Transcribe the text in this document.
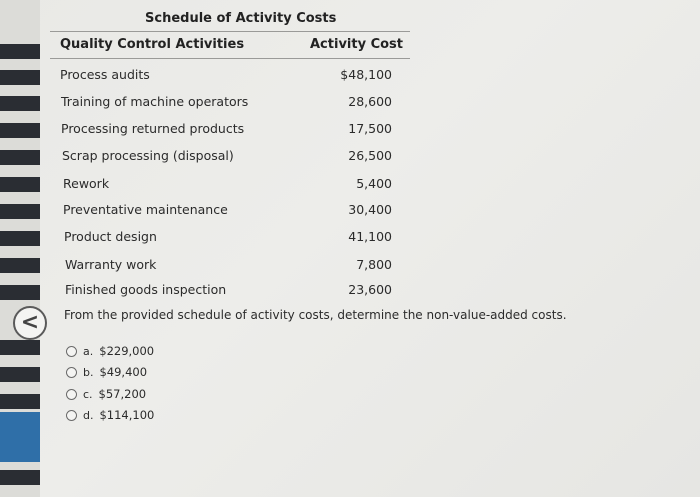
<
Schedule of Activity Costs
Quality Control Activities	Activity Cost
Process audits	$48,100
Training of machine operators	28,600
Processing returned products	17,500
Scrap processing (disposal)	26,500
Rework	5,400
Preventative maintenance	30,400
Product design	41,100
Warranty work	7,800
Finished goods inspection	23,600
From the provided schedule of activity costs, determine the non-value-added costs.
a. $229,000
b. $49,400
c. $57,200
d. $114,100
